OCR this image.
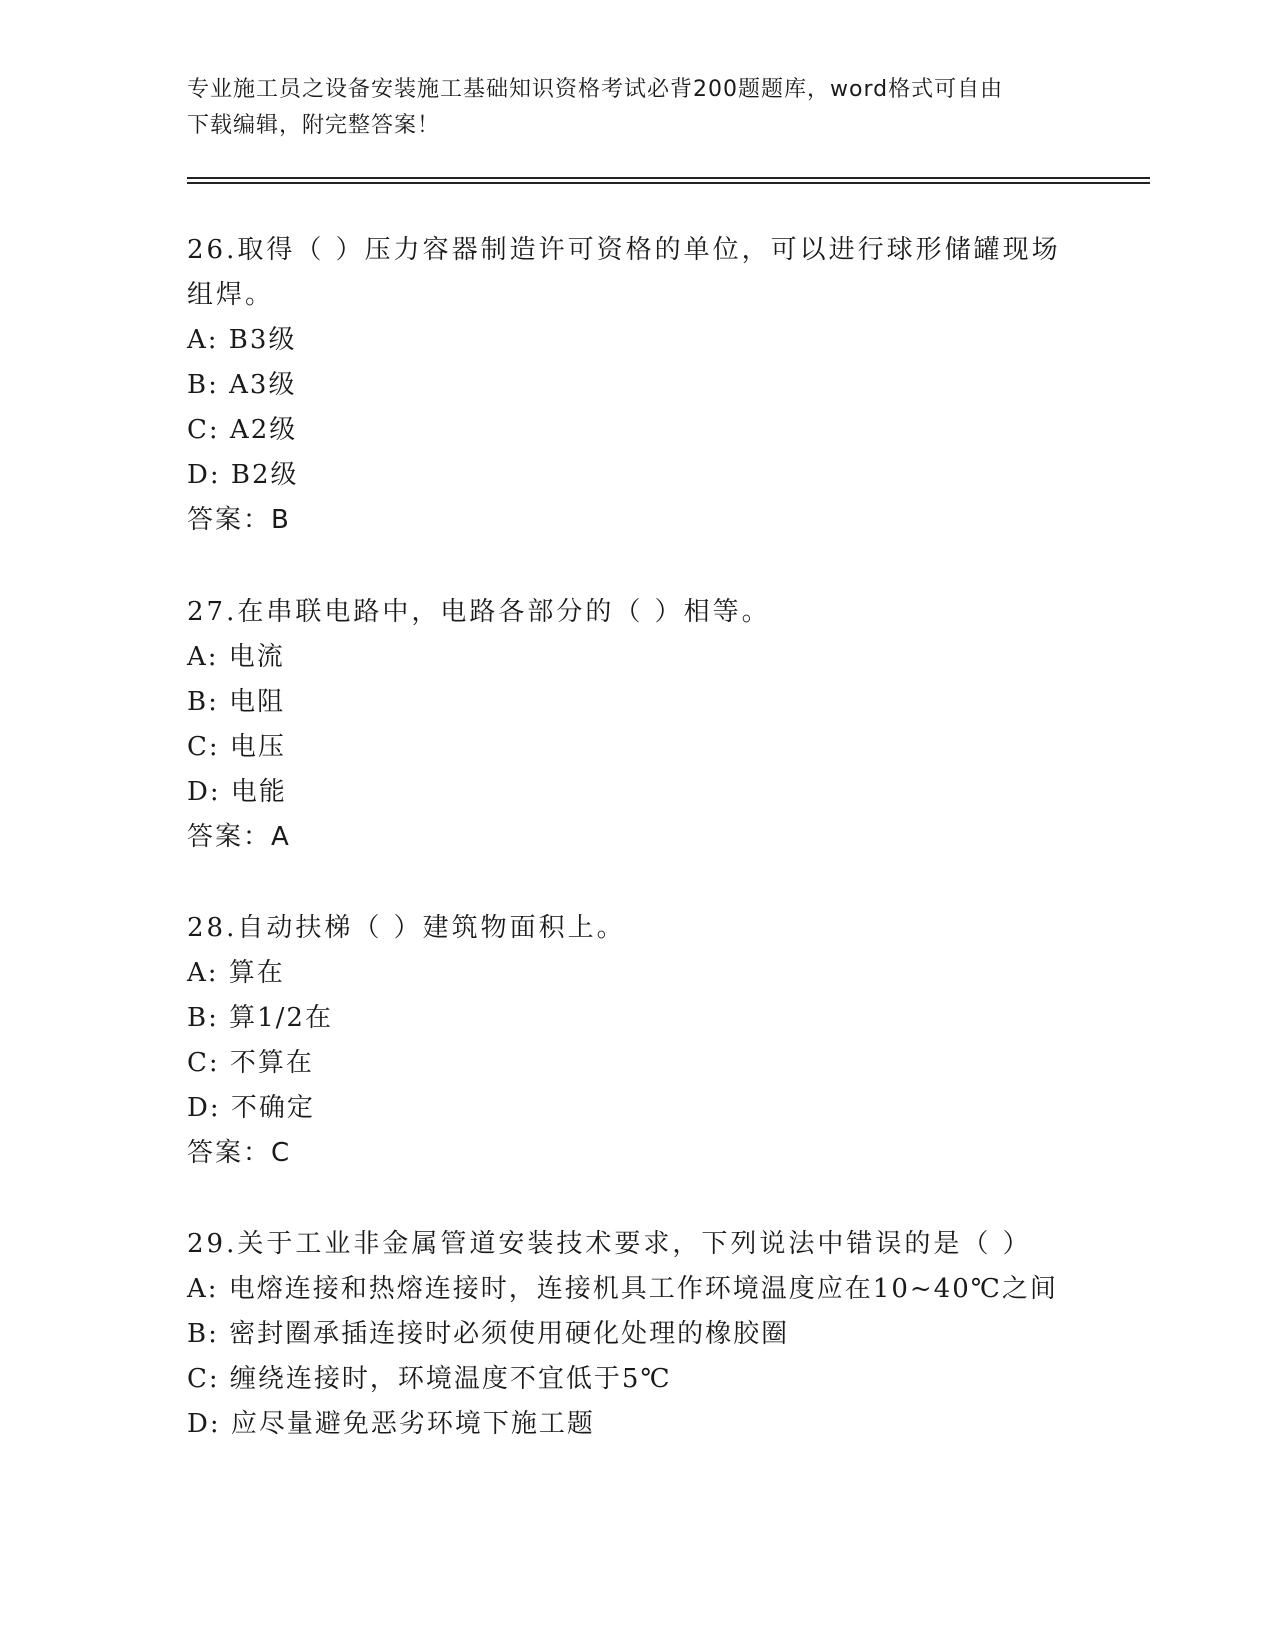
专业施工员之设备安装施工基础知识资格考试必背200题题库，word格式可自由
下载编辑，附完整答案！

26.取得（ ）压力容器制造许可资格的单位，可以进行球形储罐现场

组焊。

A: B3级

B: A3级

C: A2级

D: B2级

答案：B

27.在串联电路中，电路各部分的（ ）相等。

A: 电流

B: 电阻

C: 电压

D: 电能

答案：A

28.自动扶梯（ ）建筑物面积上。

A: 算在

B: 算1/2在

C: 不算在

D: 不确定

答案：C

29.关于工业非金属管道安装技术要求，下列说法中错误的是（ ）

A: 电熔连接和热熔连接时，连接机具工作环境温度应在10~40℃之间

B: 密封圈承插连接时必须使用硬化处理的橡胶圈

C: 缠绕连接时，环境温度不宜低于5℃

D: 应尽量避免恶劣环境下施工题
